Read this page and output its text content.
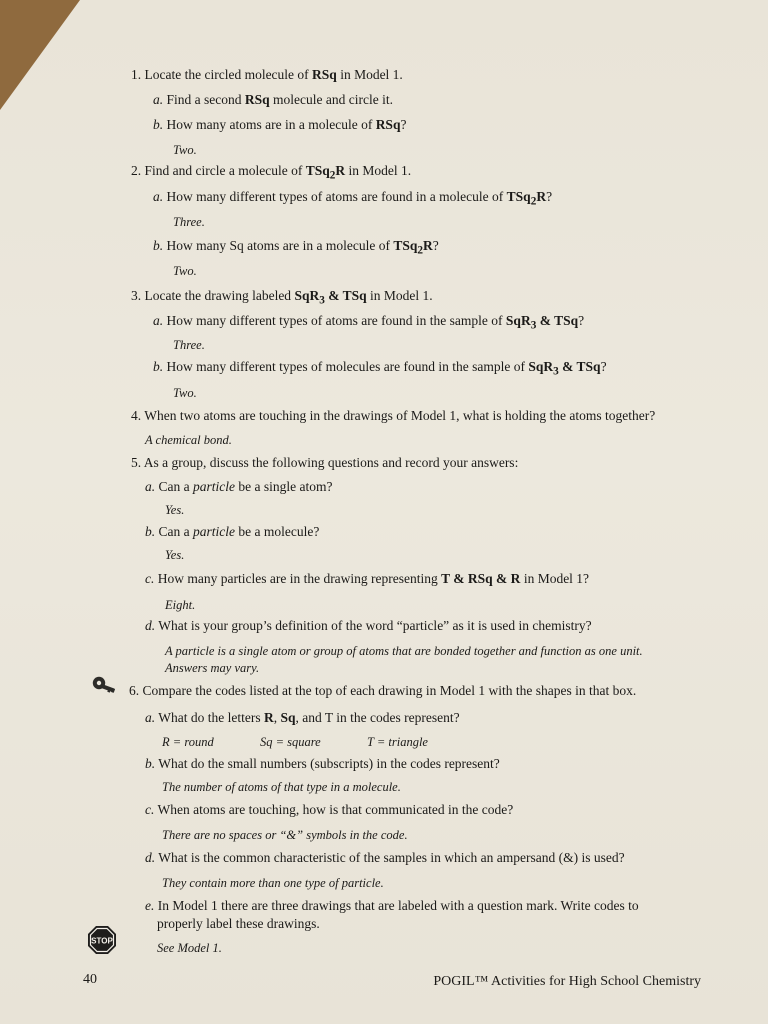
STOP
40	POGIL™ Activities for High School Chemistry
1. Locate the circled molecule of RSq in Model 1.
a. Find a second RSq molecule and circle it.
b. How many atoms are in a molecule of RSq?
Two.
2. Find and circle a molecule of TSq$_2$R in Model 1.
a. How many different types of atoms are found in a molecule of TSq$_2$R?
Three.
b. How many Sq atoms are in a molecule of TSq$_2$R?
Two.
3. Locate the drawing labeled SqR$_3$ & TSq in Model 1.
a. How many different types of atoms are found in the sample of SqR$_3$ & TSq?
Three.
b. How many different types of molecules are found in the sample of SqR$_3$ & TSq?
Two.
4. When two atoms are touching in the drawings of Model 1, what is holding the atoms together?
A chemical bond.
5. As a group, discuss the following questions and record your answers:
a. Can a particle be a single atom?
Yes.
b. Can a particle be a molecule?
Yes.
c. How many particles are in the drawing representing T & RSq & R in Model 1?
Eight.
d. What is your group’s definition of the word “particle” as it is used in chemistry?
A particle is a single atom or group of atoms that are bonded together and function as one unit.
Answers may vary.
6. Compare the codes listed at the top of each drawing in Model 1 with the shapes in that box.
a. What do the letters R, Sq, and T in the codes represent?
R = round	Sq = square	T = triangle
b. What do the small numbers (subscripts) in the codes represent?
The number of atoms of that type in a molecule.
c. When atoms are touching, how is that communicated in the code?
There are no spaces or “&” symbols in the code.
d. What is the common characteristic of the samples in which an ampersand (&) is used?
They contain more than one type of particle.
e. In Model 1 there are three drawings that are labeled with a question mark. Write codes to
properly label these drawings.
See Model 1.
